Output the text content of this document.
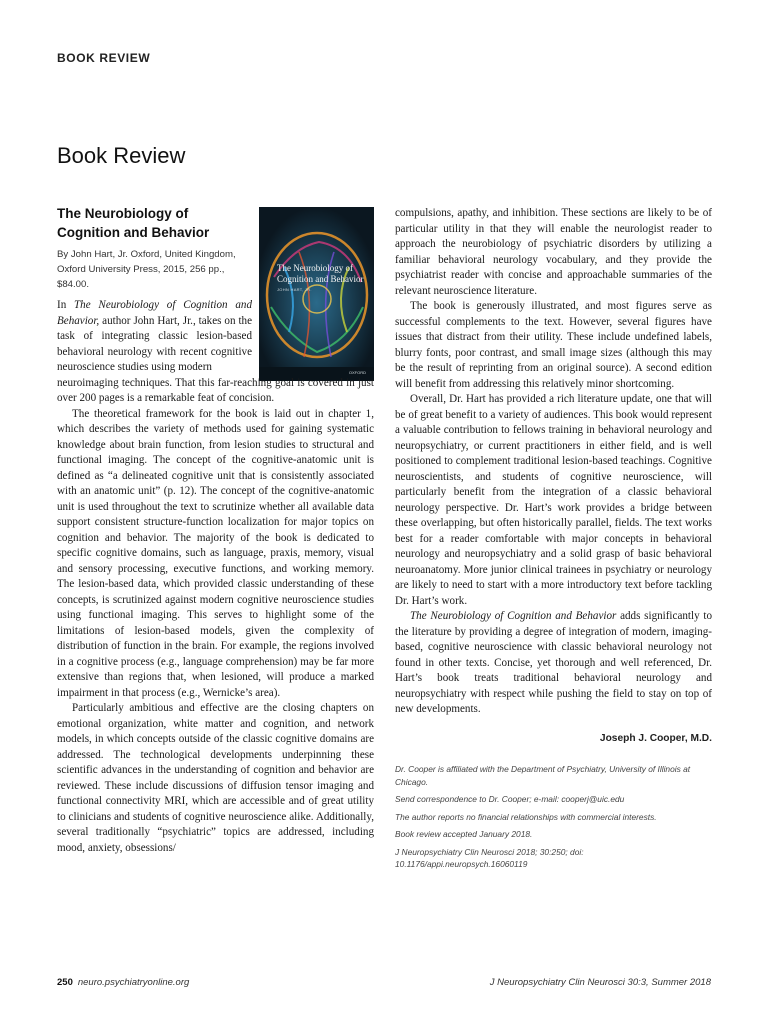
BOOK REVIEW
Book Review
The Neurobiology of Cognition and Behavior
JOHN HART, JR.
OXFORD
The Neurobiology of Cognition and Behavior
By John Hart, Jr. Oxford, United Kingdom, Oxford University Press, 2015, 256 pp., $84.00.

In The Neurobiology of Cognition and Behavior, author John Hart, Jr., takes on the task of integrating classic lesion-based behavioral neurology with recent cognitive neuroscience studies using modern

neuroimaging techniques. That this far-reaching goal is covered in just over 200 pages is a remarkable feat of concision.

The theoretical framework for the book is laid out in chapter 1, which describes the variety of methods used for gaining systematic knowledge about brain function, from lesion studies to structural and functional imaging. The concept of the cognitive-anatomic unit is defined as “a delineated cognitive unit that is consistently associated with an anatomic unit” (p. 12). The concept of the cognitive-anatomic unit is used throughout the text to scrutinize whether all available data support consistent structure-function localization for major topics on cognition and behavior. The majority of the book is dedicated to specific cognitive domains, such as language, praxis, memory, visual and sensory processing, executive functions, and working memory. The lesion-based data, which provided classic understanding of these concepts, is scrutinized against modern cognitive neuroscience studies using functional imaging. This serves to highlight some of the limitations of lesion-based models, given the complexity of distribution of function in the brain. For example, the regions involved in a cognitive process (e.g., language comprehension) may be far more extensive than regions that, when lesioned, will produce a marked impairment in that process (e.g., Wernicke’s area).

Particularly ambitious and effective are the closing chapters on emotional organization, white matter and cognition, and network models, in which concepts outside of the classic cognitive domains are addressed. The technological developments underpinning these scientific advances in the understanding of cognition and behavior are reviewed. These include discussions of diffusion tensor imaging and functional connectivity MRI, which are accessible and of great utility to clinicians and students of cognitive neuroscience alike. Additionally, several traditionally “psychiatric” topics are addressed, including mood, anxiety, obsessions/

compulsions, apathy, and inhibition. These sections are likely to be of particular utility in that they will enable the neurologist reader to approach the neurobiology of psychiatric disorders by utilizing a familiar behavioral neurology vocabulary, and they provide the psychiatrist reader with concise and approachable summaries of the relevant neuroscience literature.

The book is generously illustrated, and most figures serve as successful complements to the text. However, several figures have issues that distract from their utility. These include undefined labels, blurry fonts, poor contrast, and small image sizes (although this may be the result of reprinting from an original source). A second edition will benefit from addressing this relatively minor shortcoming.

Overall, Dr. Hart has provided a rich literature update, one that will be of great benefit to a variety of audiences. This book would represent a valuable contribution to fellows training in behavioral neurology and neuropsychiatry, or current practitioners in either field, and is well positioned to complement traditional lesion-based teachings. Cognitive neuroscientists, and students of cognitive neuroscience, will particularly benefit from the integration of a classic behavioral neurology perspective. Dr. Hart’s work provides a bridge between these overlapping, but often historically parallel, fields. The text works best for a reader comfortable with major concepts in behavioral neurology and neuropsychiatry and a solid grasp of basic behavioral neuroanatomy. More junior clinical trainees in psychiatry or neurology are likely to need to start with a more introductory text before tackling Dr. Hart’s work.

The Neurobiology of Cognition and Behavior adds significantly to the literature by providing a degree of integration of modern, imaging-based, cognitive neuroscience with classic behavioral neurology not found in other texts. Concise, yet thorough and well referenced, Dr. Hart’s book treats traditional behavioral neurology and neuropsychiatry with respect while pushing the field to stay on top of new developments.

Joseph J. Cooper, M.D.

Dr. Cooper is affiliated with the Department of Psychiatry, University of Illinois at Chicago.

Send correspondence to Dr. Cooper; e-mail: cooperj@uic.edu

The author reports no financial relationships with commercial interests.

Book review accepted January 2018.

J Neuropsychiatry Clin Neurosci 2018; 30:250; doi: 10.1176/appi.neuropsych.16060119

250 neuro.psychiatryonline.org	J Neuropsychiatry Clin Neurosci 30:3, Summer 2018
